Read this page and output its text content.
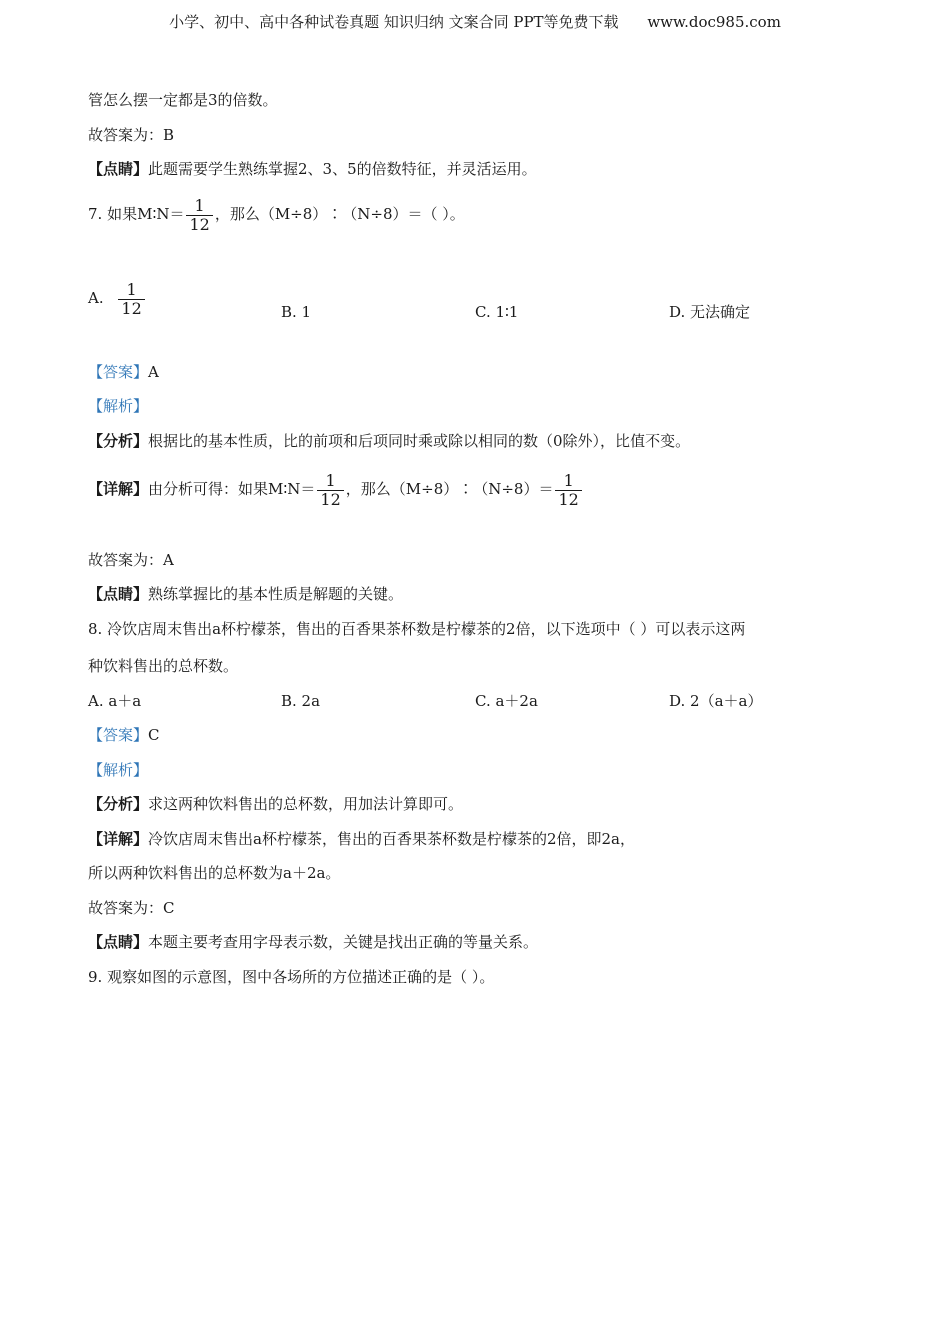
小学、初中、高中各种试卷真题 知识归纳 文案合同 PPT等免费下载 www.doc985.com
管怎么摆一定都是3的倍数。
故答案为：B
【点睛】此题需要学生熟练掌握2、3、5的倍数特征，并灵活运用。
7. 如果M∶N＝ $\frac{1}{12}$ ，那么（M÷8）∶（N÷8）＝（ ）。
A. $\frac{1}{12}$	B. 1	C. 1∶1	D. 无法确定
【答案】A
【解析】
【分析】根据比的基本性质，比的前项和后项同时乘或除以相同的数（0除外），比值不变。
【详解】由分析可得：如果M∶N＝ $\frac{1}{12}$ ，那么（M÷8）∶（N÷8）＝ $\frac{1}{12}$
故答案为：A
【点睛】熟练掌握比的基本性质是解题的关键。
8. 冷饮店周末售出a杯柠檬茶，售出的百香果茶杯数是柠檬茶的2倍，以下选项中（ ）可以表示这两
种饮料售出的总杯数。
A. a＋a	B. 2a	C. a＋2a	D. 2（a＋a）
【答案】C
【解析】
【分析】求这两种饮料售出的总杯数，用加法计算即可。
【详解】冷饮店周末售出a杯柠檬茶，售出的百香果茶杯数是柠檬茶的2倍，即2a，
所以两种饮料售出的总杯数为a＋2a。
故答案为：C
【点睛】本题主要考查用字母表示数，关键是找出正确的等量关系。
9. 观察如图的示意图，图中各场所的方位描述正确的是（ ）。
